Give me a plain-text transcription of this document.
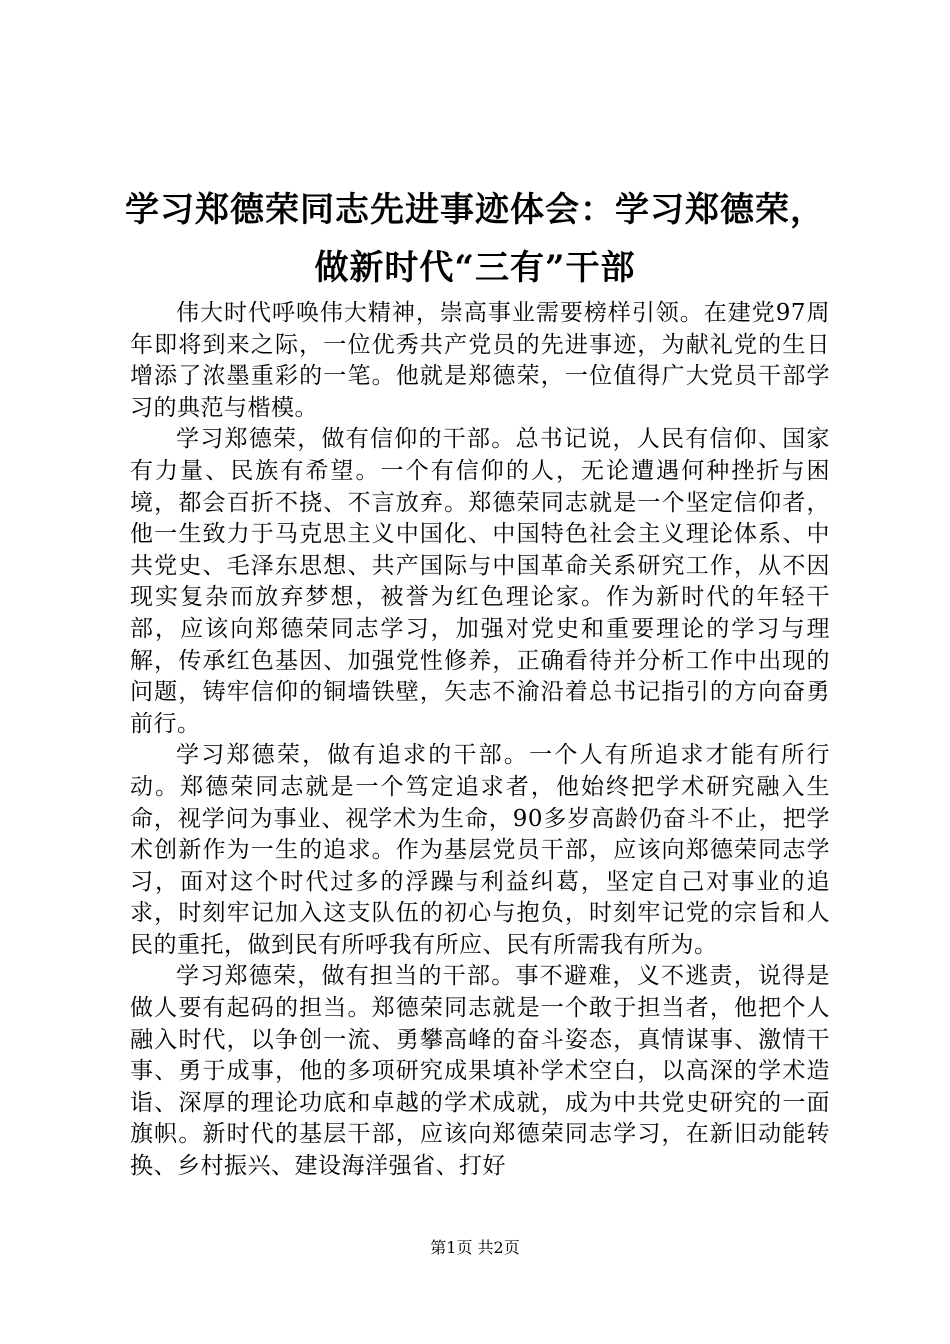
学习郑德荣同志先进事迹体会：学习郑德荣，
做新时代“三有”干部

伟大时代呼唤伟大精神，崇高事业需要榜样引领。在建党97周年即将到来之际，一位优秀共产党员的先进事迹，为献礼党的生日增添了浓墨重彩的一笔。他就是郑德荣，一位值得广大党员干部学习的典范与楷模。

学习郑德荣，做有信仰的干部。总书记说，人民有信仰、国家有力量、民族有希望。一个有信仰的人，无论遭遇何种挫折与困境，都会百折不挠、不言放弃。郑德荣同志就是一个坚定信仰者，他一生致力于马克思主义中国化、中国特色社会主义理论体系、中共党史、毛泽东思想、共产国际与中国革命关系研究工作，从不因现实复杂而放弃梦想，被誉为红色理论家。作为新时代的年轻干部，应该向郑德荣同志学习，加强对党史和重要理论的学习与理解，传承红色基因、加强党性修养，正确看待并分析工作中出现的问题，铸牢信仰的铜墙铁壁，矢志不渝沿着总书记指引的方向奋勇前行。

学习郑德荣，做有追求的干部。一个人有所追求才能有所行动。郑德荣同志就是一个笃定追求者，他始终把学术研究融入生命，视学问为事业、视学术为生命，90多岁高龄仍奋斗不止，把学术创新作为一生的追求。作为基层党员干部，应该向郑德荣同志学习，面对这个时代过多的浮躁与利益纠葛，坚定自己对事业的追求，时刻牢记加入这支队伍的初心与抱负，时刻牢记党的宗旨和人民的重托，做到民有所呼我有所应、民有所需我有所为。

学习郑德荣，做有担当的干部。事不避难，义不逃责，说得是做人要有起码的担当。郑德荣同志就是一个敢于担当者，他把个人融入时代，以争创一流、勇攀高峰的奋斗姿态，真情谋事、激情干事、勇于成事，他的多项研究成果填补学术空白，以高深的学术造诣、深厚的理论功底和卓越的学术成就，成为中共党史研究的一面旗帜。新时代的基层干部，应该向郑德荣同志学习，在新旧动能转换、乡村振兴、建设海洋强省、打好

第1页 共2页
